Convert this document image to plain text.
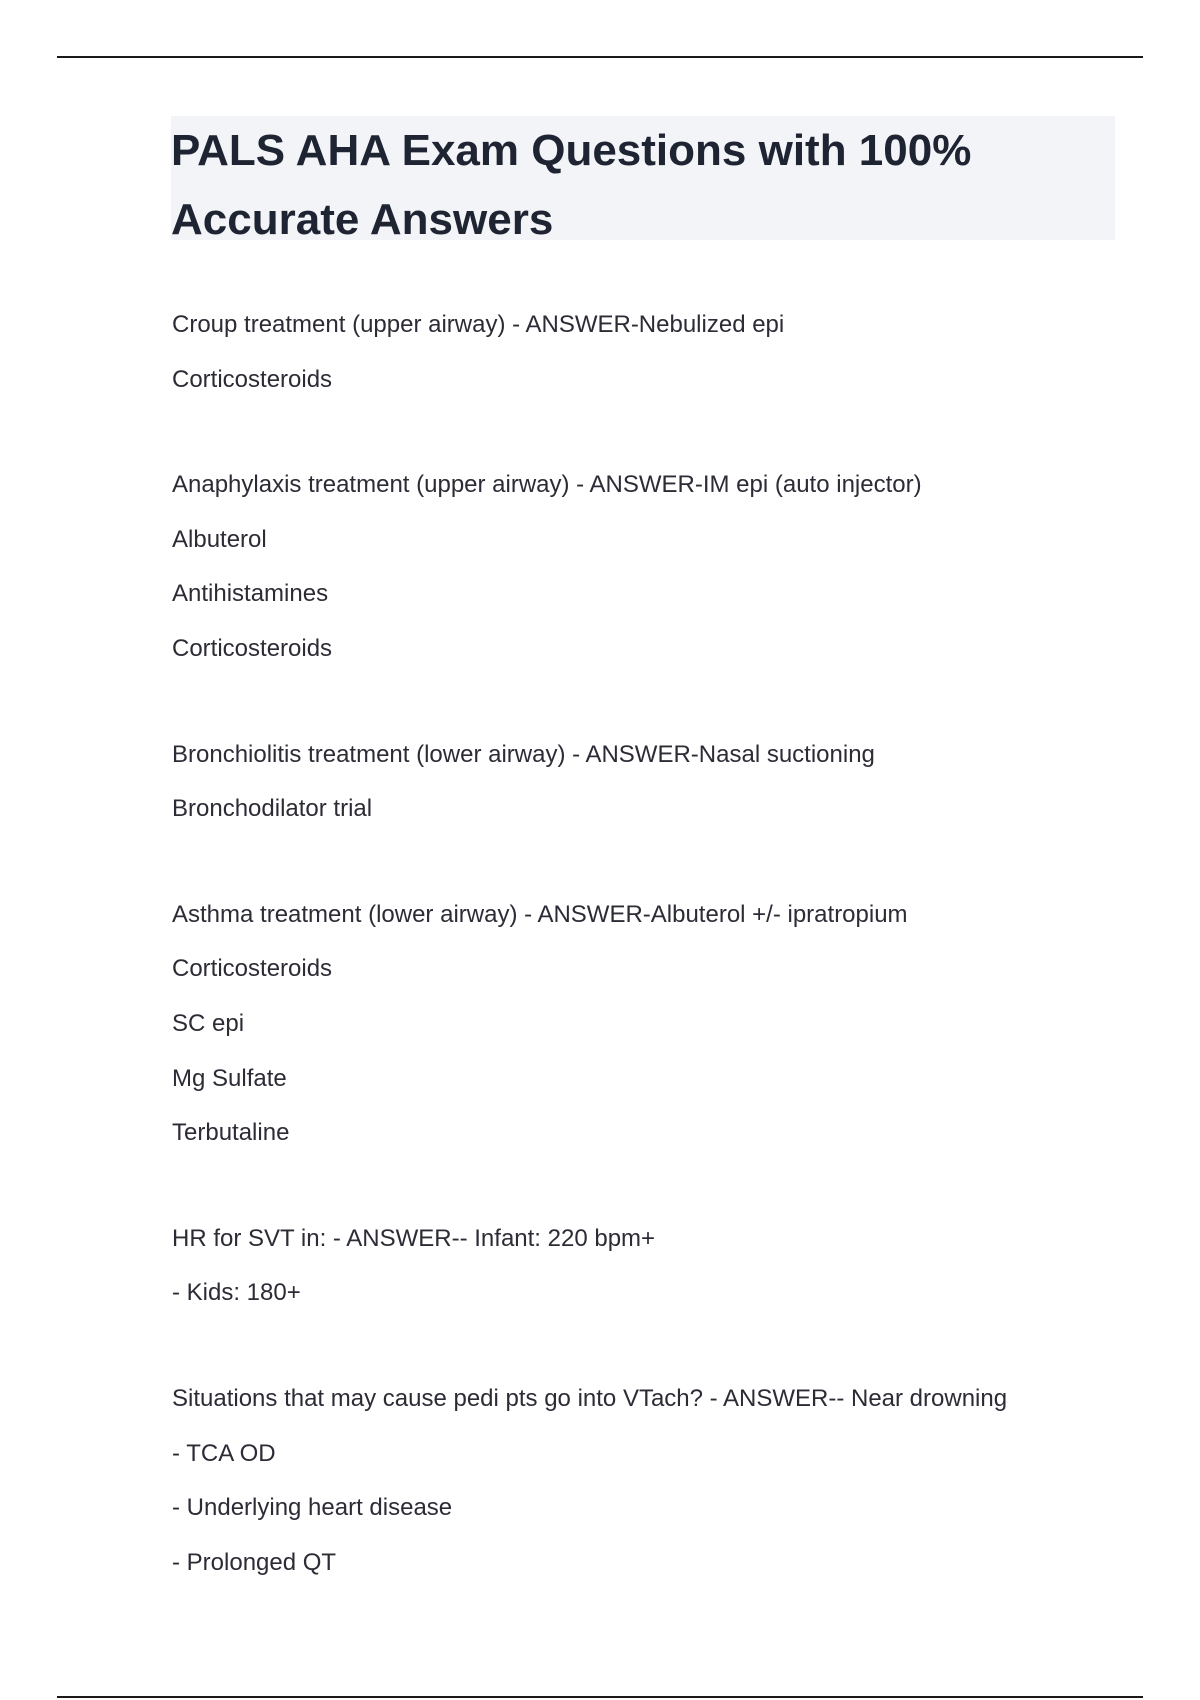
PALS AHA Exam Questions with 100%
Accurate Answers
Croup treatment (upper airway) - ANSWER-Nebulized epi
Corticosteroids
Anaphylaxis treatment (upper airway) - ANSWER-IM epi (auto injector)
Albuterol
Antihistamines
Corticosteroids
Bronchiolitis treatment (lower airway) - ANSWER-Nasal suctioning
Bronchodilator trial
Asthma treatment (lower airway) - ANSWER-Albuterol +/- ipratropium
Corticosteroids
SC epi
Mg Sulfate
Terbutaline
HR for SVT in: - ANSWER-- Infant: 220 bpm+
- Kids: 180+
Situations that may cause pedi pts go into VTach? - ANSWER-- Near drowning
- TCA OD
- Underlying heart disease
- Prolonged QT
